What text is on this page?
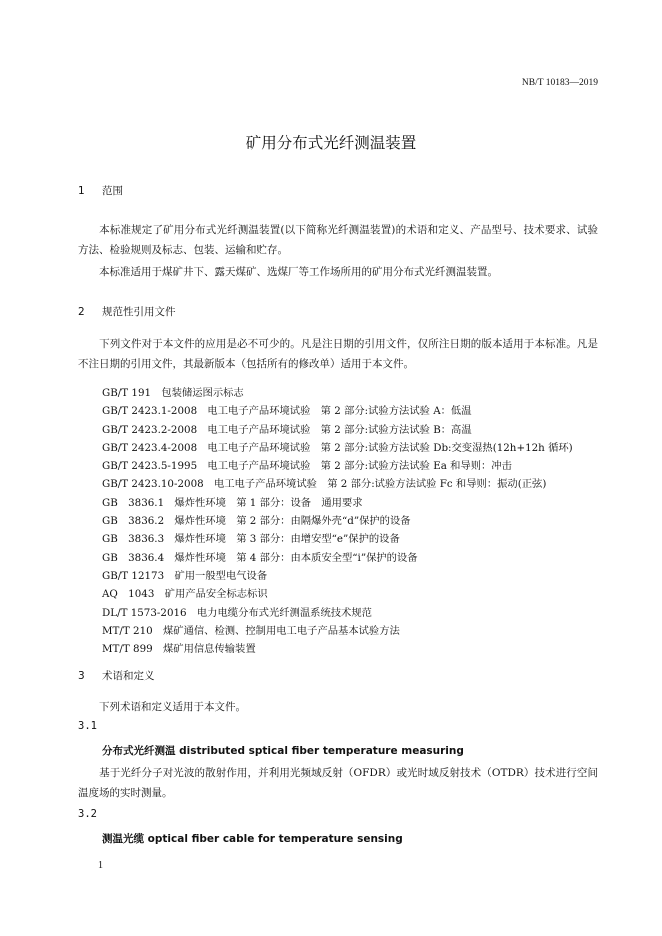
NB/T 10183—2019
矿用分布式光纤测温装置
1 范围
本标准规定了矿用分布式光纤测温装置(以下简称光纤测温装置)的术语和定义、产品型号、技术要求、试验方法、检验规则及标志、包装、运输和贮存。
本标准适用于煤矿井下、露天煤矿、选煤厂等工作场所用的矿用分布式光纤测温装置。
2 规范性引用文件
下列文件对于本文件的应用是必不可少的。凡是注日期的引用文件，仅所注日期的版本适用于本标准。凡是不注日期的引用文件，其最新版本（包括所有的修改单）适用于本文件。
GB/T 191　包装储运图示标志
GB/T 2423.1-2008　电工电子产品环境试验　第 2 部分:试验方法试验 A：低温
GB/T 2423.2-2008　电工电子产品环境试验　第 2 部分:试验方法试验 B：高温
GB/T 2423.4-2008　电工电子产品环境试验　第 2 部分:试验方法试验 Db:交变湿热(12h+12h 循环)
GB/T 2423.5-1995　电工电子产品环境试验　第 2 部分:试验方法试验 Ea 和导则：冲击
GB/T 2423.10-2008　电工电子产品环境试验　第 2 部分:试验方法试验 Fc 和导则：振动(正弦)
GB　3836.1　爆炸性环境　第 1 部分：设备　通用要求
GB　3836.2　爆炸性环境　第 2 部分：由隔爆外壳“d”保护的设备
GB　3836.3　爆炸性环境　第 3 部分：由增安型“e”保护的设备
GB　3836.4　爆炸性环境　第 4 部分：由本质安全型“i”保护的设备
GB/T 12173　矿用一般型电气设备
AQ　1043　矿用产品安全标志标识
DL/T 1573-2016　电力电缆分布式光纤测温系统技术规范
MT/T 210　煤矿通信、检测、控制用电工电子产品基本试验方法
MT/T 899　煤矿用信息传输装置
3 术语和定义
下列术语和定义适用于本文件。
3.1
分布式光纤测温 distributed sptical fiber temperature measuring
基于光纤分子对光波的散射作用，并利用光频域反射（OFDR）或光时域反射技术（OTDR）技术进行空间温度场的实时测量。
3.2
测温光缆 optical fiber cable for temperature sensing
1
